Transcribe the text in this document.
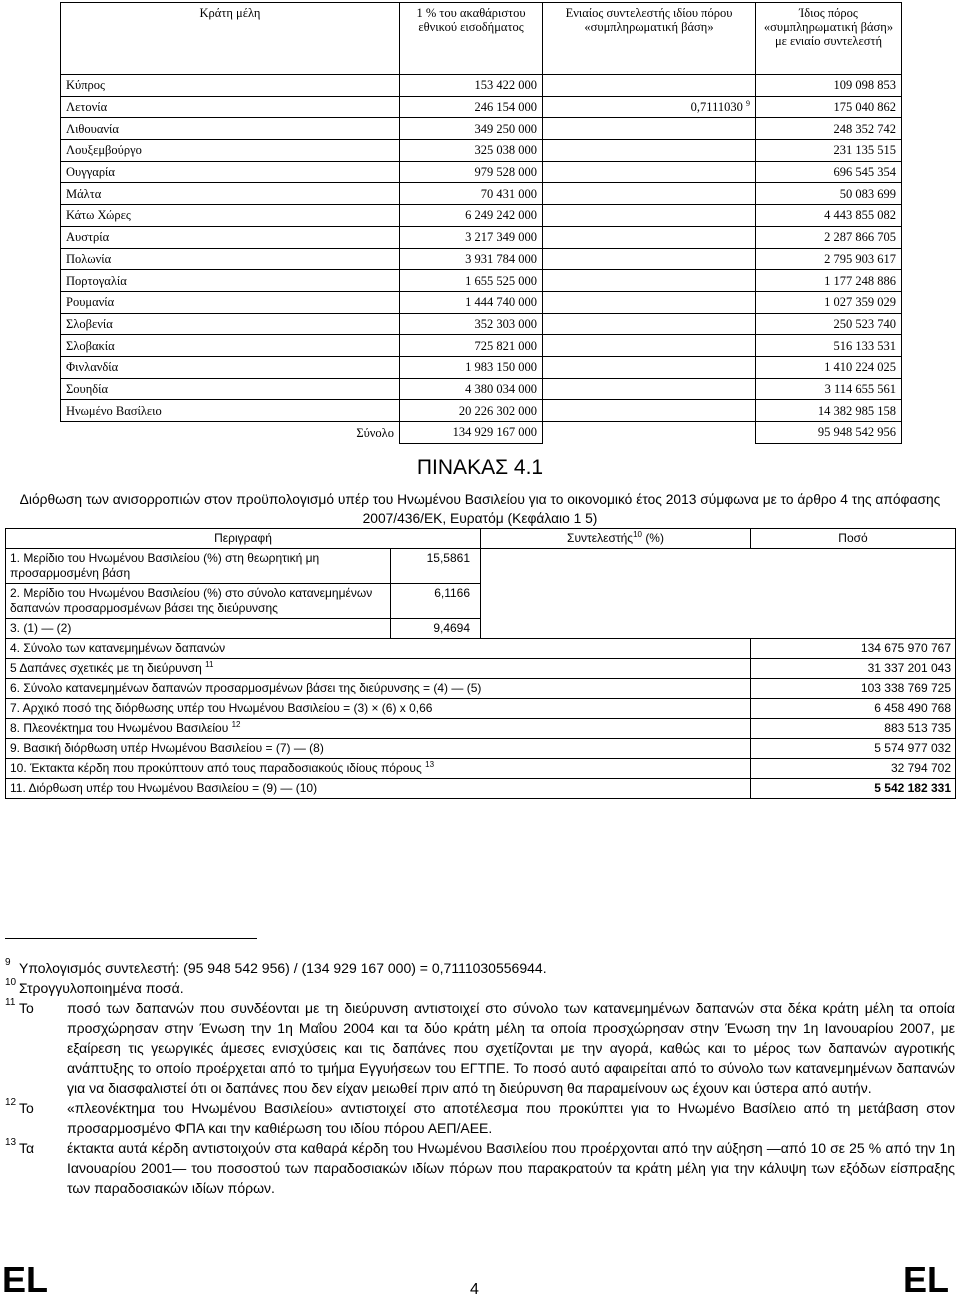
Κράτη μέλη	1 % του ακαθάριστου εθνικού εισοδήματος	Ενιαίος συντελεστής ιδίου πόρου «συμπληρωματική βάση»	Ίδιος πόρος «συμπληρωματική βάση» με ενιαίο συντελεστή
Κύπρος	153 422 000		109 098 853
Λετονία	246 154 000	0,7111030 $^9$	175 040 862
Λιθουανία	349 250 000		248 352 742
Λουξεμβούργο	325 038 000		231 135 515
Ουγγαρία	979 528 000		696 545 354
Μάλτα	70 431 000		50 083 699
Κάτω Χώρες	6 249 242 000		4 443 855 082
Αυστρία	3 217 349 000		2 287 866 705
Πολωνία	3 931 784 000		2 795 903 617
Πορτογαλία	1 655 525 000		1 177 248 886
Ρουμανία	1 444 740 000		1 027 359 029
Σλοβενία	352 303 000		250 523 740
Σλοβακία	725 821 000		516 133 531
Φινλανδία	1 983 150 000		1 410 224 025
Σουηδία	4 380 034 000		3 114 655 561
Ηνωμένο Βασίλειο	20 226 302 000		14 382 985 158
Σύνολο	134 929 167 000		95 948 542 956
ΠΙΝΑΚΑΣ 4.1
Διόρθωση των ανισορροπιών στον προϋπολογισμό υπέρ του Ηνωμένου Βασιλείου για το οικονομικό έτος 2013 σύμφωνα με το άρθρο 4 της απόφασης 2007/436/ΕΚ, Ευρατόμ (Κεφάλαιο 1 5)
Περιγραφή		Συντελεστής$^{10}$ (%)	Ποσό
1. Μερίδιο του Ηνωμένου Βασιλείου (%) στη θεωρητική μη προσαρμοσμένη βάση	15,5861		
2. Μερίδιο του Ηνωμένου Βασιλείου (%) στο σύνολο κατανεμημένων δαπανών προσαρμοσμένων βάσει της διεύρυνσης	6,1166		
3. (1) — (2)	9,4694		
4. Σύνολο των κατανεμημένων δαπανών			134 675 970 767
5 Δαπάνες σχετικές με τη διεύρυνση $^{11}$			31 337 201 043
6. Σύνολο κατανεμημένων δαπανών προσαρμοσμένων βάσει της διεύρυνσης = (4) — (5)			103 338 769 725
7. Αρχικό ποσό της διόρθωσης υπέρ του Ηνωμένου Βασιλείου = (3) × (6) x 0,66			6 458 490 768
8. Πλεονέκτημα του Ηνωμένου Βασιλείου $^{12}$			883 513 735
9. Βασική διόρθωση υπέρ Ηνωμένου Βασιλείου = (7) — (8)			5 574 977 032
10. Έκτακτα κέρδη που προκύπτουν από τους παραδοσιακούς ιδίους πόρους $^{13}$			32 794 702
11. Διόρθωση υπέρ του Ηνωμένου Βασιλείου = (9) — (10)			5 542 182 331
9 Υπολογισμός συντελεστή: (95 948 542 956) / (134 929 167 000) = 0,7111030556944.
10 Στρογγυλοποιημένα ποσά.
11 Το ποσό των δαπανών που συνδέονται με τη διεύρυνση αντιστοιχεί στο σύνολο των κατανεμημένων δαπανών στα δέκα κράτη μέλη τα οποία προσχώρησαν στην Ένωση την 1η Μαΐου 2004 και τα δύο κράτη μέλη τα οποία προσχώρησαν στην Ένωση την 1η Ιανουαρίου 2007, με εξαίρεση τις γεωργικές άμεσες ενισχύσεις και τις δαπάνες που σχετίζονται με την αγορά, καθώς και το μέρος των δαπανών αγροτικής ανάπτυξης το οποίο προέρχεται από το τμήμα Εγγυήσεων του ΕΓΤΠΕ. Το ποσό αυτό αφαιρείται από το σύνολο των κατανεμημένων δαπανών για να διασφαλιστεί ότι οι δαπάνες που δεν είχαν μειωθεί πριν από τη διεύρυνση θα παραμείνουν ως έχουν και ύστερα από αυτήν.
12 Το «πλεονέκτημα του Ηνωμένου Βασιλείου» αντιστοιχεί στο αποτέλεσμα που προκύπτει για το Ηνωμένο Βασίλειο από τη μετάβαση στον προσαρμοσμένο ΦΠΑ και την καθιέρωση του ιδίου πόρου ΑΕΠ/ΑΕΕ.
13 Τα έκτακτα αυτά κέρδη αντιστοιχούν στα καθαρά κέρδη του Ηνωμένου Βασιλείου που προέρχονται από την αύξηση —από 10 σε 25 % από την 1η Ιανουαρίου 2001— του ποσοστού των παραδοσιακών ιδίων πόρων που παρακρατούν τα κράτη μέλη για την κάλυψη των εξόδων είσπραξης των παραδοσιακών ιδίων πόρων.
EL	4	EL
